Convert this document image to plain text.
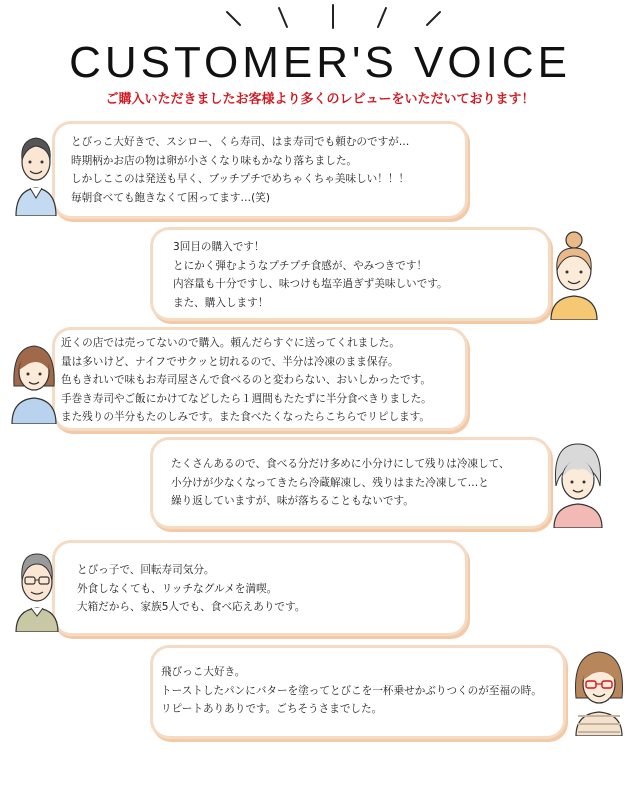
CUSTOMER'S VOICE
ご購入いただきましたお客様より多くのレビューをいただいております！
とびっこ大好きで、スシロー、くら寿司、はま寿司でも頼むのですが…
時期柄かお店の物は卵が小さくなり味もかなり落ちました。
しかしここのは発送も早く、ブッチプチでめちゃくちゃ美味しい！！！
毎朝食べても飽きなくて困ってます…(笑)
3回目の購入です！
とにかく弾むようなプチプチ食感が、やみつきです！
内容量も十分ですし、味つけも塩辛過ぎず美味しいです。
また、購入します！
近くの店では売ってないので購入。頼んだらすぐに送ってくれました。
量は多いけど、ナイフでサクッと切れるので、半分は冷凍のまま保存。
色もきれいで味もお寿司屋さんで食べるのと変わらない、おいしかったです。
手巻き寿司やご飯にかけてなどしたら１週間もたたずに半分食べきりました。
また残りの半分もたのしみです。また食べたくなったらこちらでリピします。
たくさんあるので、食べる分だけ多めに小分けにして残りは冷凍して、
小分けが少なくなってきたら冷蔵解凍し、残りはまた冷凍して…と
繰り返していますが、味が落ちることもないです。
とびっ子で、回転寿司気分。
外食しなくても、リッチなグルメを満喫。
大箱だから、家族5人でも、食べ応えありです。
飛びっこ大好き。
トーストしたパンにバターを塗ってとびこを一杯乗せかぶりつくのが至福の時。
リピートありありです。ごちそうさまでした。
